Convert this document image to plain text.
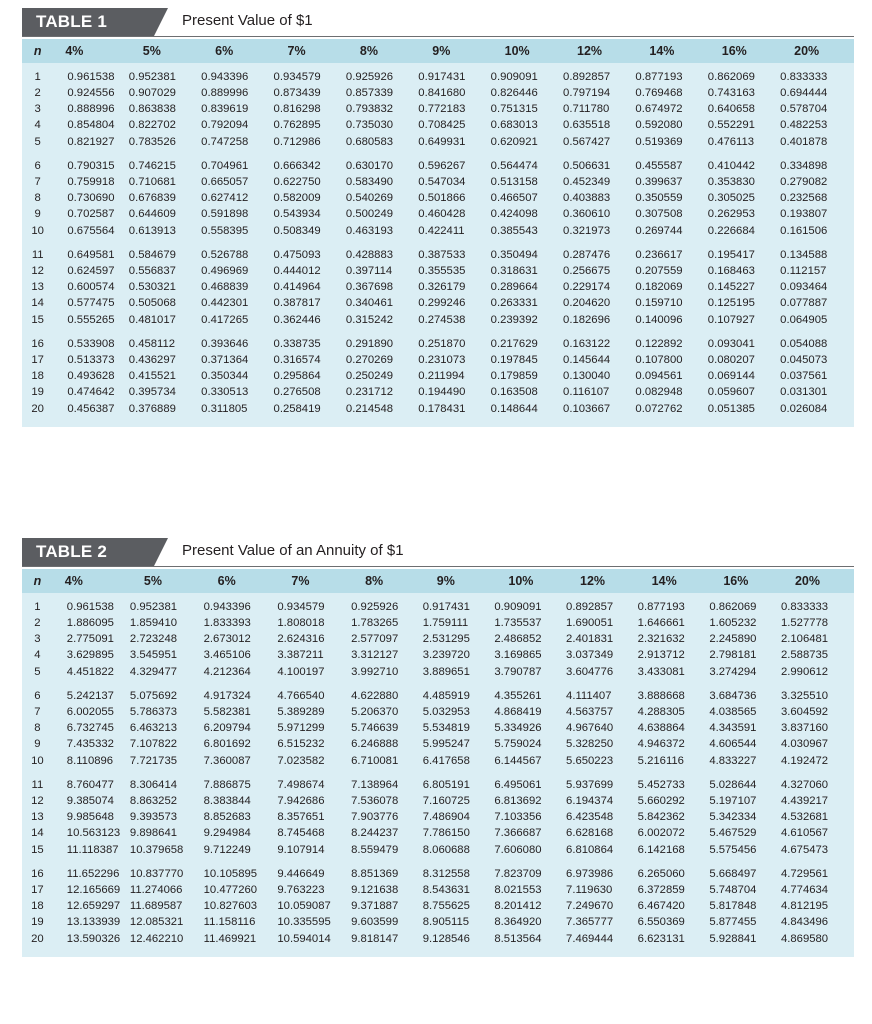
TABLE 1	Present Value of $1
n	4%	5%	6%	7%	8%	9%	10%	12%	14%	16%	20%
1	0.961538	0.952381	0.943396	0.934579	0.925926	0.917431	0.909091	0.892857	0.877193	0.862069	0.833333
2	0.924556	0.907029	0.889996	0.873439	0.857339	0.841680	0.826446	0.797194	0.769468	0.743163	0.694444
3	0.888996	0.863838	0.839619	0.816298	0.793832	0.772183	0.751315	0.711780	0.674972	0.640658	0.578704
4	0.854804	0.822702	0.792094	0.762895	0.735030	0.708425	0.683013	0.635518	0.592080	0.552291	0.482253
5	0.821927	0.783526	0.747258	0.712986	0.680583	0.649931	0.620921	0.567427	0.519369	0.476113	0.401878

6	0.790315	0.746215	0.704961	0.666342	0.630170	0.596267	0.564474	0.506631	0.455587	0.410442	0.334898
7	0.759918	0.710681	0.665057	0.622750	0.583490	0.547034	0.513158	0.452349	0.399637	0.353830	0.279082
8	0.730690	0.676839	0.627412	0.582009	0.540269	0.501866	0.466507	0.403883	0.350559	0.305025	0.232568
9	0.702587	0.644609	0.591898	0.543934	0.500249	0.460428	0.424098	0.360610	0.307508	0.262953	0.193807
10	0.675564	0.613913	0.558395	0.508349	0.463193	0.422411	0.385543	0.321973	0.269744	0.226684	0.161506

11	0.649581	0.584679	0.526788	0.475093	0.428883	0.387533	0.350494	0.287476	0.236617	0.195417	0.134588
12	0.624597	0.556837	0.496969	0.444012	0.397114	0.355535	0.318631	0.256675	0.207559	0.168463	0.112157
13	0.600574	0.530321	0.468839	0.414964	0.367698	0.326179	0.289664	0.229174	0.182069	0.145227	0.093464
14	0.577475	0.505068	0.442301	0.387817	0.340461	0.299246	0.263331	0.204620	0.159710	0.125195	0.077887
15	0.555265	0.481017	0.417265	0.362446	0.315242	0.274538	0.239392	0.182696	0.140096	0.107927	0.064905

16	0.533908	0.458112	0.393646	0.338735	0.291890	0.251870	0.217629	0.163122	0.122892	0.093041	0.054088
17	0.513373	0.436297	0.371364	0.316574	0.270269	0.231073	0.197845	0.145644	0.107800	0.080207	0.045073
18	0.493628	0.415521	0.350344	0.295864	0.250249	0.211994	0.179859	0.130040	0.094561	0.069144	0.037561
19	0.474642	0.395734	0.330513	0.276508	0.231712	0.194490	0.163508	0.116107	0.082948	0.059607	0.031301
20	0.456387	0.376889	0.311805	0.258419	0.214548	0.178431	0.148644	0.103667	0.072762	0.051385	0.026084
TABLE 2	Present Value of an Annuity of $1
n	4%	5%	6%	7%	8%	9%	10%	12%	14%	16%	20%
1	0.961538	0.952381	0.943396	0.934579	0.925926	0.917431	0.909091	0.892857	0.877193	0.862069	0.833333
2	1.886095	1.859410	1.833393	1.808018	1.783265	1.759111	1.735537	1.690051	1.646661	1.605232	1.527778
3	2.775091	2.723248	2.673012	2.624316	2.577097	2.531295	2.486852	2.401831	2.321632	2.245890	2.106481
4	3.629895	3.545951	3.465106	3.387211	3.312127	3.239720	3.169865	3.037349	2.913712	2.798181	2.588735
5	4.451822	4.329477	4.212364	4.100197	3.992710	3.889651	3.790787	3.604776	3.433081	3.274294	2.990612

6	5.242137	5.075692	4.917324	4.766540	4.622880	4.485919	4.355261	4.111407	3.888668	3.684736	3.325510
7	6.002055	5.786373	5.582381	5.389289	5.206370	5.032953	4.868419	4.563757	4.288305	4.038565	3.604592
8	6.732745	6.463213	6.209794	5.971299	5.746639	5.534819	5.334926	4.967640	4.638864	4.343591	3.837160
9	7.435332	7.107822	6.801692	6.515232	6.246888	5.995247	5.759024	5.328250	4.946372	4.606544	4.030967
10	8.110896	7.721735	7.360087	7.023582	6.710081	6.417658	6.144567	5.650223	5.216116	4.833227	4.192472

11	8.760477	8.306414	7.886875	7.498674	7.138964	6.805191	6.495061	5.937699	5.452733	5.028644	4.327060
12	9.385074	8.863252	8.383844	7.942686	7.536078	7.160725	6.813692	6.194374	5.660292	5.197107	4.439217
13	9.985648	9.393573	8.852683	8.357651	7.903776	7.486904	7.103356	6.423548	5.842362	5.342334	4.532681
14	10.563123	9.898641	9.294984	8.745468	8.244237	7.786150	7.366687	6.628168	6.002072	5.467529	4.610567
15	11.118387	10.379658	9.712249	9.107914	8.559479	8.060688	7.606080	6.810864	6.142168	5.575456	4.675473

16	11.652296	10.837770	10.105895	9.446649	8.851369	8.312558	7.823709	6.973986	6.265060	5.668497	4.729561
17	12.165669	11.274066	10.477260	9.763223	9.121638	8.543631	8.021553	7.119630	6.372859	5.748704	4.774634
18	12.659297	11.689587	10.827603	10.059087	9.371887	8.755625	8.201412	7.249670	6.467420	5.817848	4.812195
19	13.133939	12.085321	11.158116	10.335595	9.603599	8.905115	8.364920	7.365777	6.550369	5.877455	4.843496
20	13.590326	12.462210	11.469921	10.594014	9.818147	9.128546	8.513564	7.469444	6.623131	5.928841	4.869580
